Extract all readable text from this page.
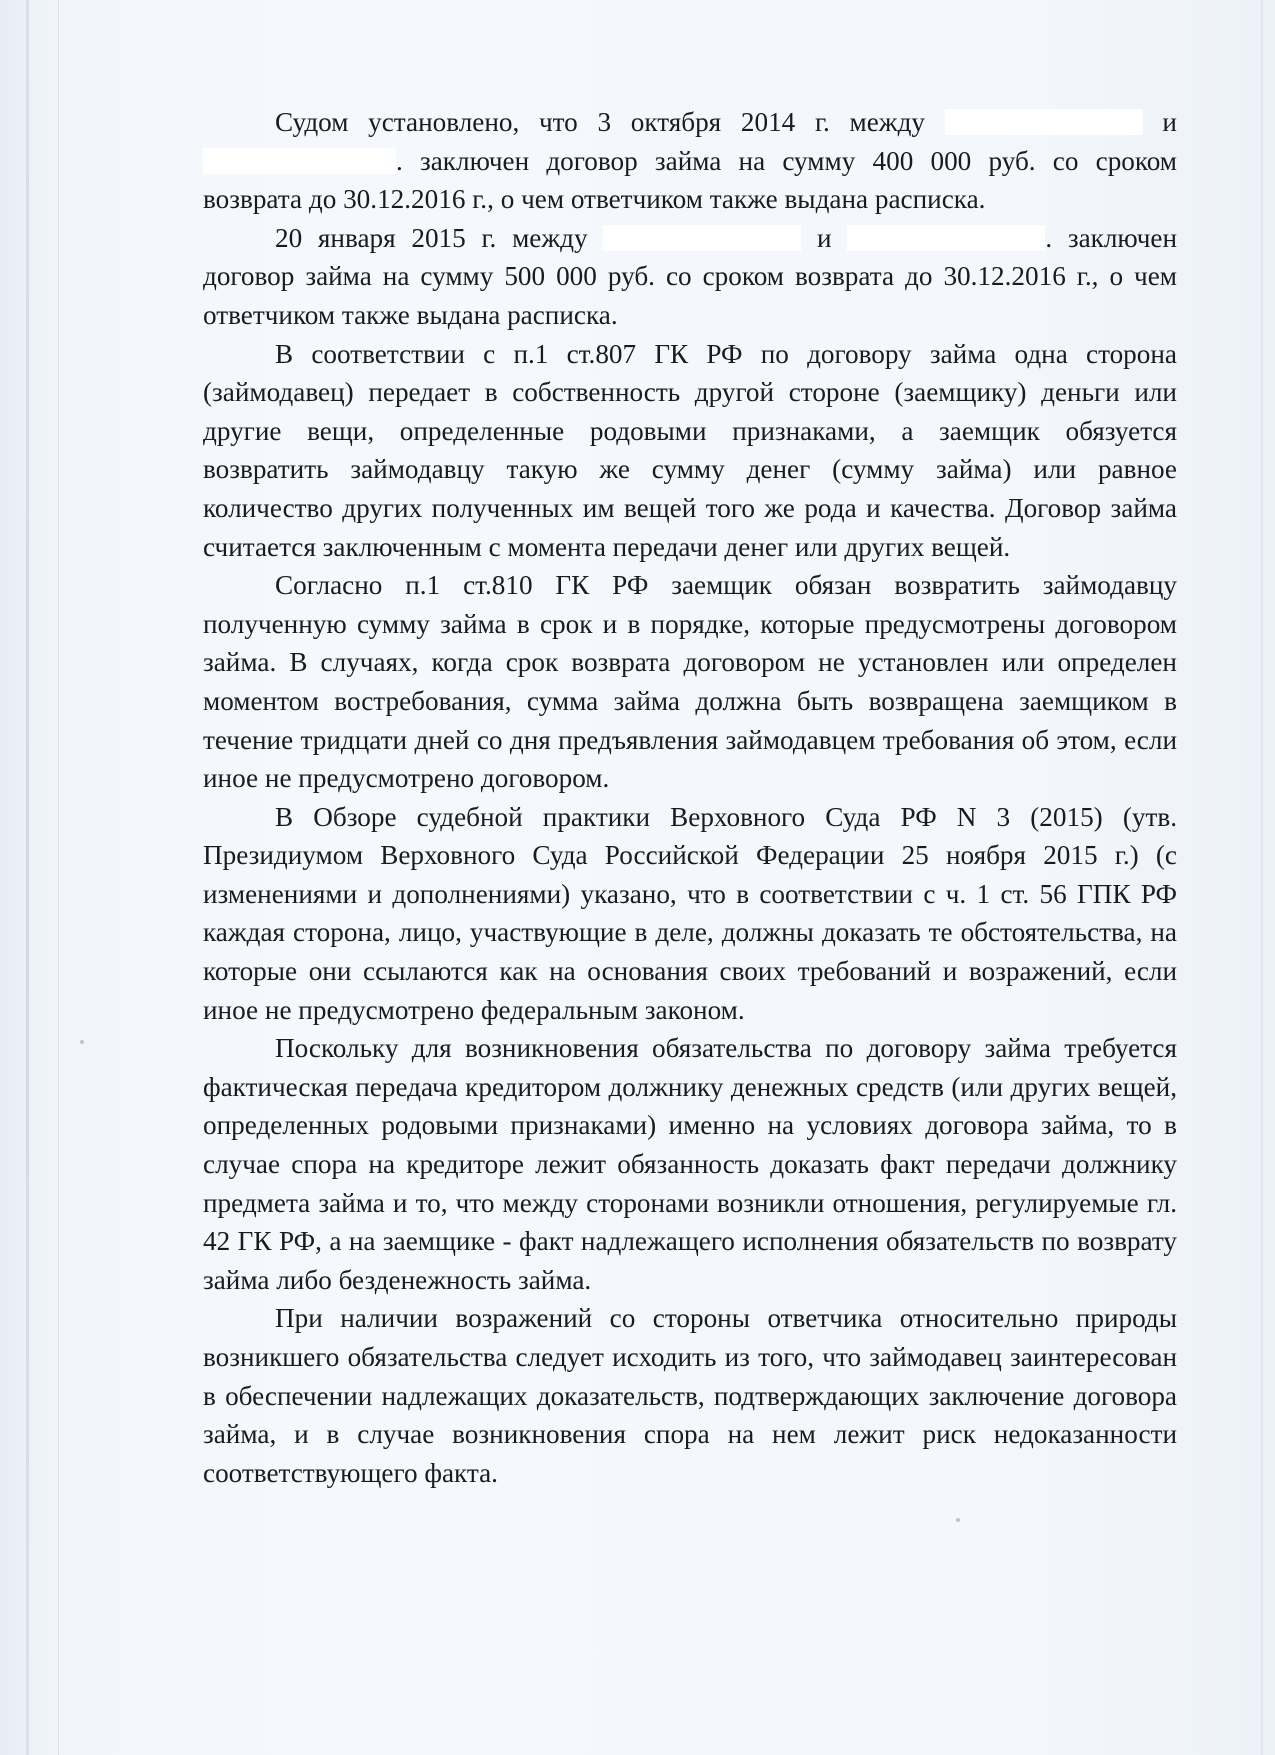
Судом установлено, что 3 октября 2014 г. между	и . заключен договор займа на сумму 400 000 руб. со сроком возврата до 30.12.2016 г., о чем ответчиком также выдана расписка.

20 января 2015 г. между	и	. заключен договор займа на сумму 500 000 руб. со сроком возврата до 30.12.2016 г., о чем ответчиком также выдана расписка.

В соответствии с п.1 ст.807 ГК РФ по договору займа одна сторона (займодавец) передает в собственность другой стороне (заемщику) деньги или другие вещи, определенные родовыми признаками, а заемщик обязуется возвратить займодавцу такую же сумму денег (сумму займа) или равное количество других полученных им вещей того же рода и качества. Договор займа считается заключенным с момента передачи денег или других вещей.

Согласно п.1 ст.810 ГК РФ заемщик обязан возвратить займодавцу полученную сумму займа в срок и в порядке, которые предусмотрены договором займа. В случаях, когда срок возврата договором не установлен или определен моментом востребования, сумма займа должна быть возвращена заемщиком в течение тридцати дней со дня предъявления займодавцем требования об этом, если иное не предусмотрено договором.

В Обзоре судебной практики Верховного Суда РФ N 3 (2015) (утв. Президиумом Верховного Суда Российской Федерации 25 ноября 2015 г.) (с изменениями и дополнениями) указано, что в соответствии с ч. 1 ст. 56 ГПК РФ каждая сторона, лицо, участвующие в деле, должны доказать те обстоятельства, на которые они ссылаются как на основания своих требований и возражений, если иное не предусмотрено федеральным законом.

Поскольку для возникновения обязательства по договору займа требуется фактическая передача кредитором должнику денежных средств (или других вещей, определенных родовыми признаками) именно на условиях договора займа, то в случае спора на кредиторе лежит обязанность доказать факт передачи должнику предмета займа и то, что между сторонами возникли отношения, регулируемые гл. 42 ГК РФ, а на заемщике - факт надлежащего исполнения обязательств по возврату займа либо безденежность займа.

При наличии возражений со стороны ответчика относительно природы возникшего обязательства следует исходить из того, что займодавец заинтересован в обеспечении надлежащих доказательств, подтверждающих заключение договора займа, и в случае возникновения спора на нем лежит риск недоказанности соответствующего факта.
